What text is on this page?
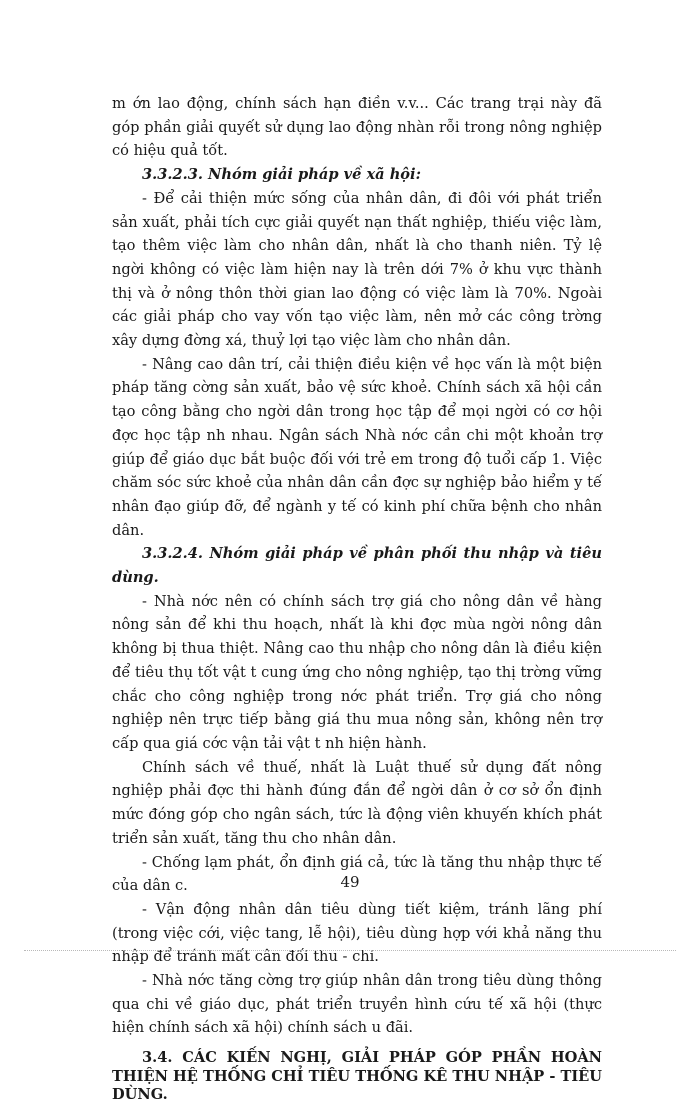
m ớn lao động, chính sách hạn điền v.v... Các trang trại này đã góp phần giải quyết sử dụng lao động nhàn rỗi trong nông nghiệp có hiệu quả tốt.

3.3.2.3. Nhóm giải pháp về xã hội:

- Để cải thiện mức sống của nhân dân, đi đôi với phát triển sản xuất, phải tích cực giải quyết nạn thất nghiệp, thiếu việc làm, tạo thêm việc làm cho nhân dân, nhất là cho thanh niên. Tỷ lệ ngời không có việc làm hiện nay là trên dới 7% ở khu vực thành thị và ở nông thôn thời gian lao động có việc làm là 70%. Ngoài các giải pháp cho vay vốn tạo việc làm, nên mở các công trờng xây dựng đờng xá, thuỷ lợi tạo việc làm cho nhân dân.

- Nâng cao dân trí, cải thiện điều kiện về học vấn là một biện pháp tăng cờng sản xuất, bảo vệ sức khoẻ. Chính sách xã hội cần tạo công bằng cho ngời dân trong học tập để mọi ngời có cơ hội đợc học tập nh nhau. Ngân sách Nhà nớc cần chi một khoản trợ giúp để giáo dục bắt buộc đối với trẻ em trong độ tuổi cấp 1. Việc chăm sóc sức khoẻ của nhân dân cần đợc sự nghiệp bảo hiểm y tế nhân đạo giúp đỡ, để ngành y tế có kinh phí chữa bệnh cho nhân dân.

3.3.2.4. Nhóm giải pháp về phân phối thu nhập và tiêu dùng.

- Nhà nớc nên có chính sách trợ giá cho nông dân về hàng nông sản để khi thu hoạch, nhất là khi đợc mùa ngời nông dân không bị thua thiệt. Nâng cao thu nhập cho nông dân là điều kiện để tiêu thụ tốt vật t cung ứng cho nông nghiệp, tạo thị trờng vững chắc cho công nghiệp trong nớc phát triển. Trợ giá cho nông nghiệp nên trực tiếp bằng giá thu mua nông sản, không nên trợ cấp qua giá cớc vận tải vật t nh hiện hành.

Chính sách về thuế, nhất là Luật thuế sử dụng đất nông nghiệp phải đợc thi hành đúng đắn để ngời dân ở cơ sở ổn định mức đóng góp cho ngân sách, tức là động viên khuyến khích phát triển sản xuất, tăng thu cho nhân dân.

- Chống lạm phát, ổn định giá cả, tức là tăng thu nhập thực tế của dân c.

- Vận động nhân dân tiêu dùng tiết kiệm, tránh lãng phí (trong việc cới, việc tang, lễ hội), tiêu dùng hợp với khả năng thu nhập để tránh mất cân đối thu - chi.

- Nhà nớc tăng cờng trợ giúp nhân dân trong tiêu dùng thông qua chi về giáo dục, phát triển truyền hình cứu tế xã hội (thực hiện chính sách xã hội) chính sách u đãi.

3.4. CÁC KIẾN NGHỊ, GIẢI PHÁP GÓP PHẦN HOÀN THIỆN HỆ THỐNG CHỈ TIÊU THỐNG KÊ THU NHẬP - TIÊU DÙNG.

49
